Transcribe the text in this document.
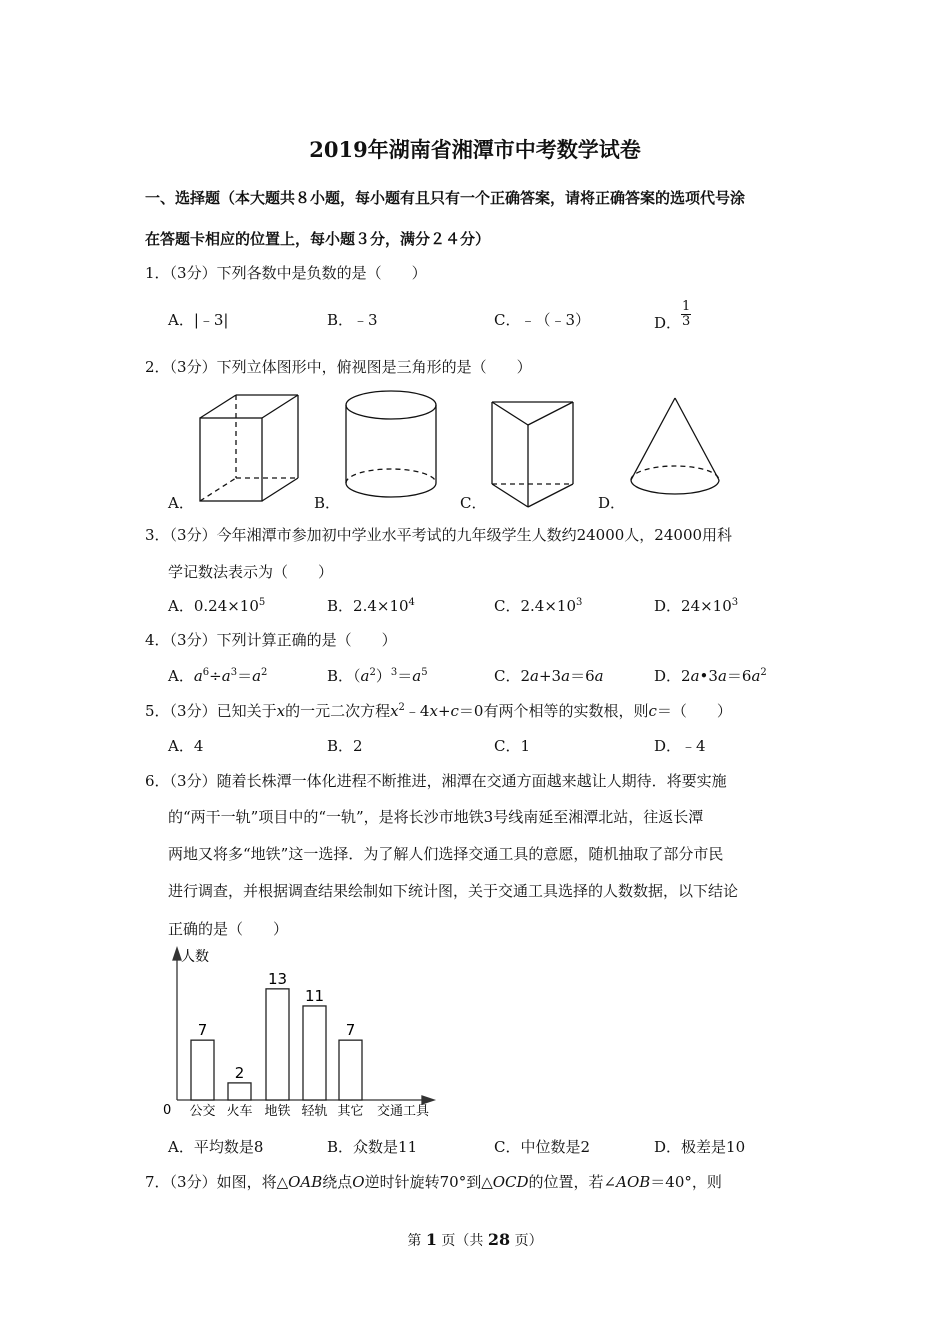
2019年湖南省湘潭市中考数学试卷
一、选择题（本大题共８小题，每小题有且只有一个正确答案，请将正确答案的选项代号涂
在答题卡相应的位置上，每小题３分，满分２４分）
1．（3分）下列各数中是负数的是（　　）
A．|﹣3|	B．﹣3	C．﹣（﹣3）	D． $\frac{1}{3}$
2．（3分）下列立体图形中，俯视图是三角形的是（　　）
A．	B．	C．	D．
3．（3分）今年湘潭市参加初中学业水平考试的九年级学生人数约24000人，24000用科
学记数法表示为（　　）
A．$0.24\times 10^5$	B．$2.4\times 10^4$	C．$2.4\times 10^3$	D．$24\times 10^3$
4．（3分）下列计算正确的是（　　）
A．$a^6\div a^3=a^2$	B．$(a^2)^3=a^5$	C．2a+3a＝6a	D．$2a•3a=6a^2$
5．（3分）已知关于x的一元二次方程$x^2﹣4x+c=0$有两个相等的实数根，则c＝（　　）
A．4	B．2	C．1	D．﹣4
6．（3分）随着长株潭一体化进程不断推进，湘潭在交通方面越来越让人期待．将要实施
的“两干一轨”项目中的“一轨”，是将长沙市地铁3号线南延至湘潭北站，往返长潭
两地又将多“地铁”这一选择．为了解人们选择交通工具的意愿，随机抽取了部分市民
进行调查，并根据调查结果绘制如下统计图，关于交通工具选择的人数数据，以下结论
正确的是（　　）
人数
0	交通工具
7
公交
2
火车
13
地铁
11
轻轨
7
其它
A．平均数是8	B．众数是11	C．中位数是2	D．极差是10
7．（3分）如图，将△OAB绕点O逆时针旋转70°到△OCD的位置，若∠AOB＝40°，则
第 1 页（共 28 页）
